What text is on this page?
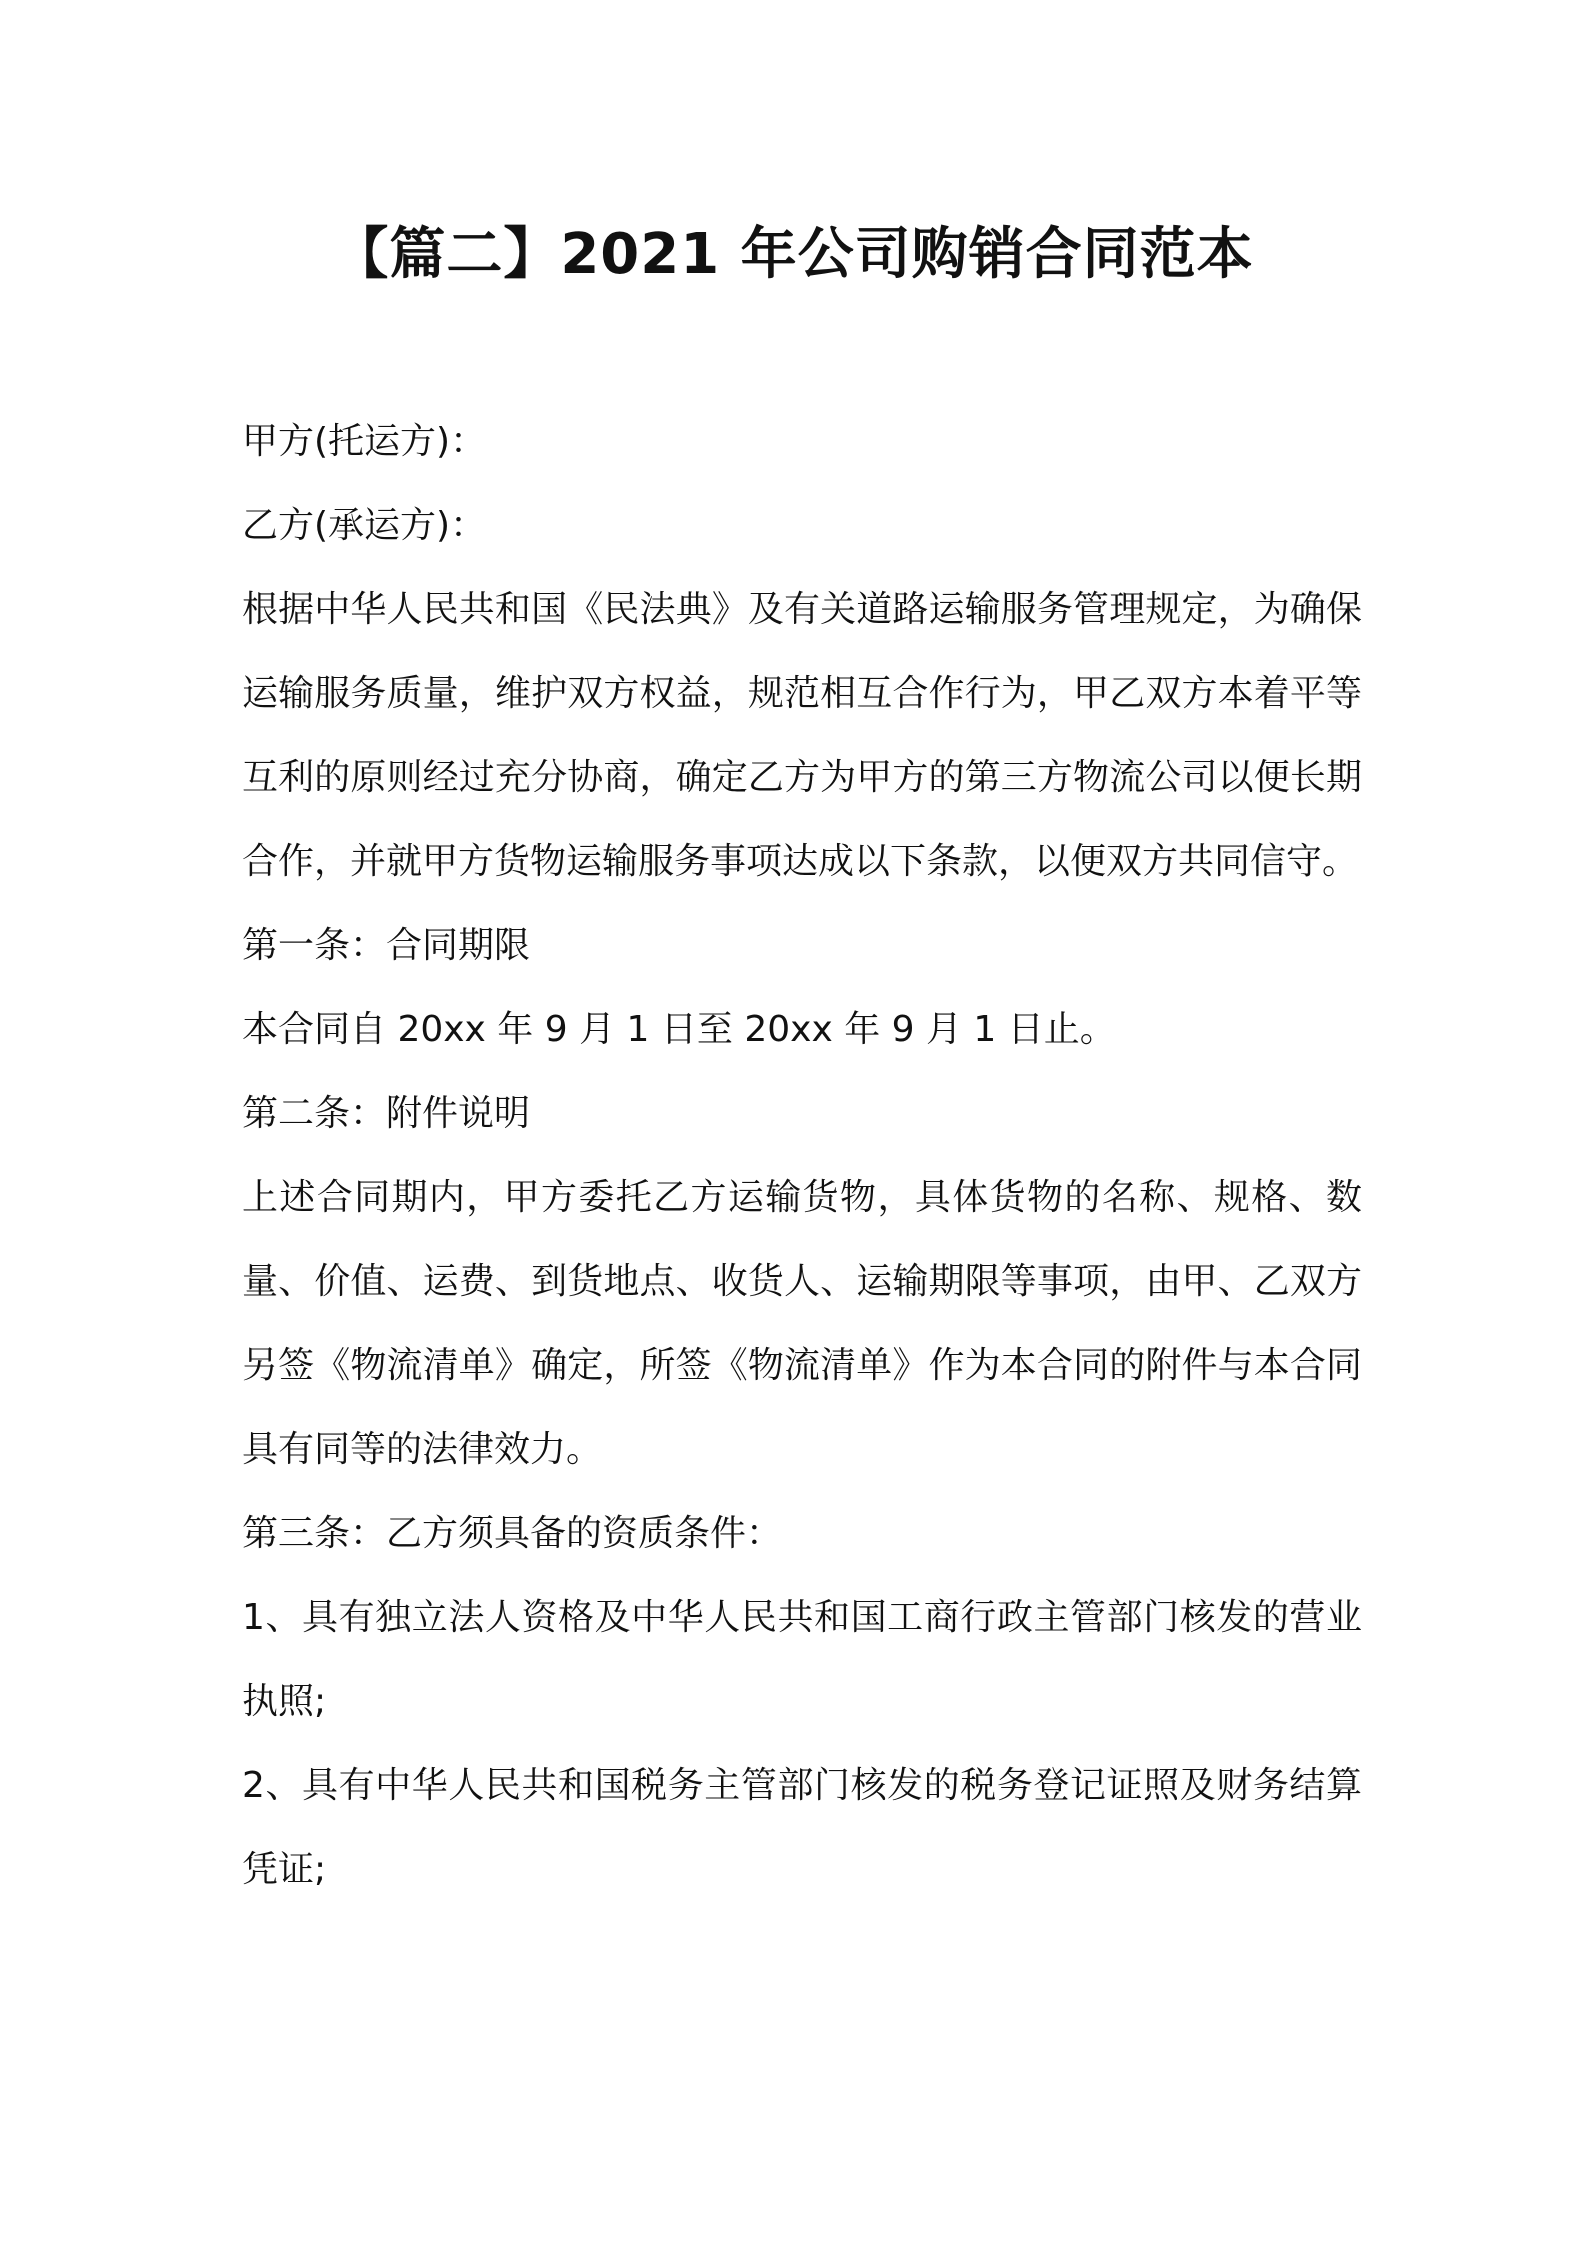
【篇二】2021 年公司购销合同范本

甲方(托运方)：

乙方(承运方)：

根据中华人民共和国《民法典》及有关道路运输服务管理规定，为确保运输服务质量，维护双方权益，规范相互合作行为，甲乙双方本着平等互利的原则经过充分协商，确定乙方为甲方的第三方物流公司以便长期合作，并就甲方货物运输服务事项达成以下条款，以便双方共同信守。

第一条：合同期限

本合同自 20xx 年 9 月 1 日至 20xx 年 9 月 1 日止。

第二条：附件说明

上述合同期内，甲方委托乙方运输货物，具体货物的名称、规格、数量、价值、运费、到货地点、收货人、运输期限等事项，由甲、乙双方另签《物流清单》确定，所签《物流清单》作为本合同的附件与本合同具有同等的法律效力。

第三条：乙方须具备的资质条件：

1、具有独立法人资格及中华人民共和国工商行政主管部门核发的营业执照;

2、具有中华人民共和国税务主管部门核发的税务登记证照及财务结算凭证;
